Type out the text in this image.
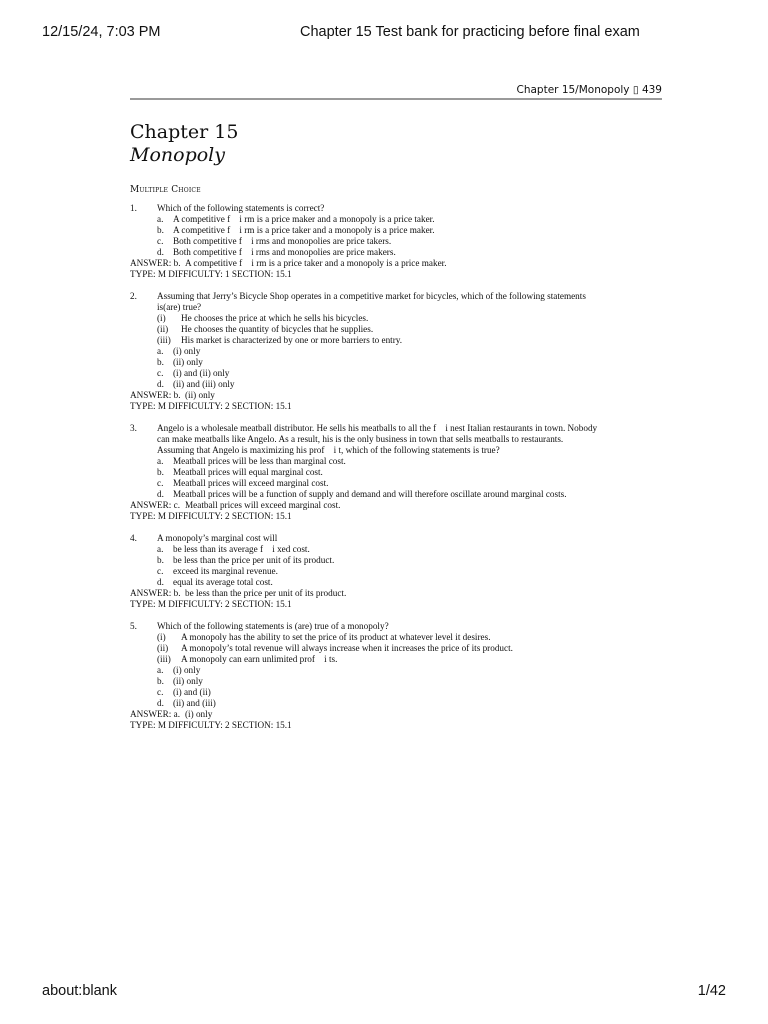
12/15/24, 7:03 PM	Chapter 15 Test bank for practicing before final exam
Chapter 15/Monopoly ▯ 439
Chapter 15
Monopoly
Multiple Choice
1.	Which of the following statements is correct?
a.	A competitive f i rm is a price maker and a monopoly is a price taker.
b. A competitive f i rm is a price taker and a monopoly is a price maker.
c.	Both competitive f i rms and monopolies are price takers.
d. Both competitive f i rms and monopolies are price makers.
ANSWER: b. A competitive f i rm is a price taker and a monopoly is a price maker.
TYPE: M DIFFICULTY: 1 SECTION: 15.1
2.	Assuming that Jerry’s Bicycle Shop operates in a competitive market for bicycles, which of the following statements
is(are) true?
(i)	He chooses the price at which he sells his bicycles.
(ii)	He chooses the quantity of bicycles that he supplies.
(iii)	His market is characterized by one or more barriers to entry.
a.	(i) only
b. (ii) only
c.	(i) and (ii) only
d. (ii) and (iii) only
ANSWER: b. (ii) only
TYPE: M DIFFICULTY: 2 SECTION: 15.1
3.	Angelo is a wholesale meatball distributor. He sells his meatballs to all the f i nest Italian restaurants in town. Nobody
can make meatballs like Angelo. As a result, his is the only business in town that sells meatballs to restaurants.
Assuming that Angelo is maximizing his prof i t, which of the following statements is true?
a.	Meatball prices will be less than marginal cost.
b. Meatball prices will equal marginal cost.
c.	Meatball prices will exceed marginal cost.
d. Meatball prices will be a function of supply and demand and will therefore oscillate around marginal costs.
ANSWER: c. Meatball prices will exceed marginal cost.
TYPE: M DIFFICULTY: 2 SECTION: 15.1
4.	A monopoly’s marginal cost will
a.	be less than its average f i xed cost.
b. be less than the price per unit of its product.
c.	exceed its marginal revenue.
d. equal its average total cost.
ANSWER: b. be less than the price per unit of its product.
TYPE: M DIFFICULTY: 2 SECTION: 15.1
5.	Which of the following statements is (are) true of a monopoly?
(i)	A monopoly has the ability to set the price of its product at whatever level it desires.
(ii)	A monopoly’s total revenue will always increase when it increases the price of its product.
(iii)	A monopoly can earn unlimited prof i ts.
a.	(i) only
b. (ii) only
c.	(i) and (ii)
d. (ii) and (iii)
ANSWER: a. (i) only
TYPE: M DIFFICULTY: 2 SECTION: 15.1
about:blank	1/42
